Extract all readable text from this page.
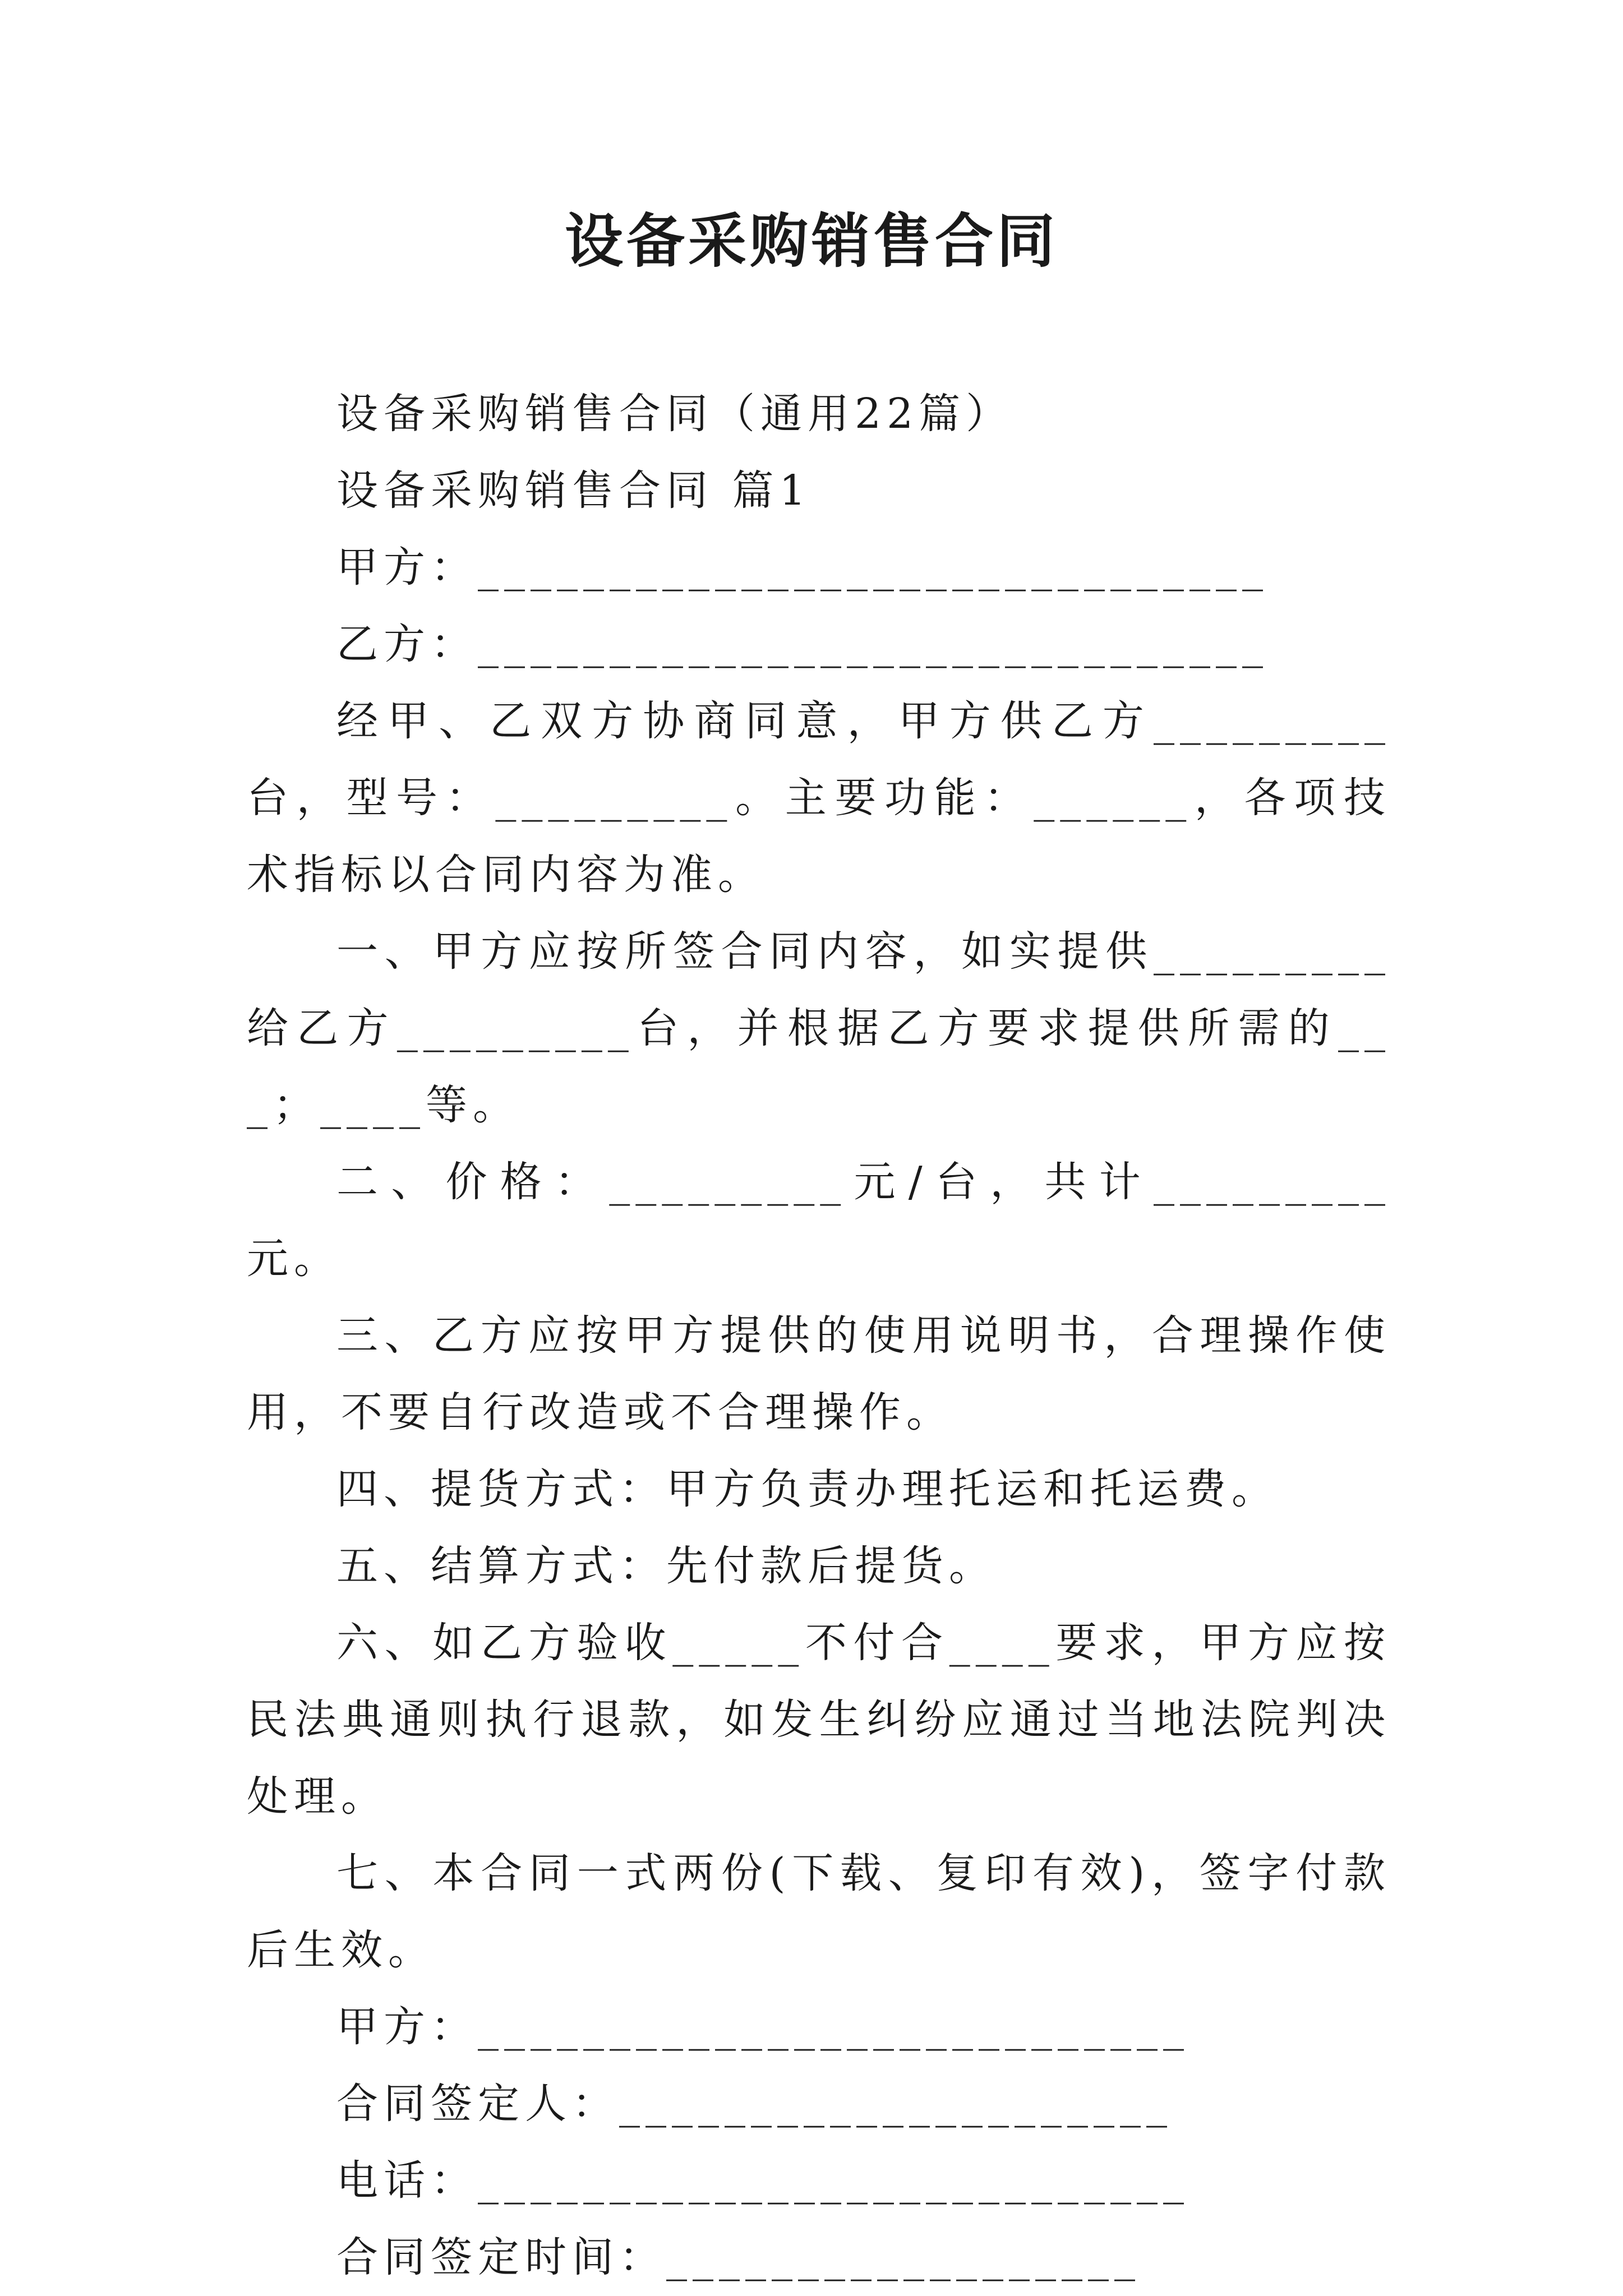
设备采购销售合同

设备采购销售合同（通用22篇）

设备采购销售合同 篇1

甲方：______________________________

乙方：______________________________

经甲、乙双方协商同意，甲方供乙方_________台，型号：_________。主要功能：______，各项技术指标以合同内容为准。

一、甲方应按所签合同内容，如实提供_________ 给乙方_________台，并根据乙方要求提供所需的___；____等。

二、价格：_________元/台，共计_________元。

三、乙方应按甲方提供的使用说明书，合理操作使用，不要自行改造或不合理操作。

四、提货方式：甲方负责办理托运和托运费。

五、结算方式：先付款后提货。

六、如乙方验收_____不付合____要求，甲方应按民法典通则执行退款，如发生纠纷应通过当地法院判决处理。

七、本合同一式两份(下载、复印有效)，签字付款后生效。

甲方：___________________________

合同签定人：_____________________

电话：___________________________

合同签定时间：__________________
